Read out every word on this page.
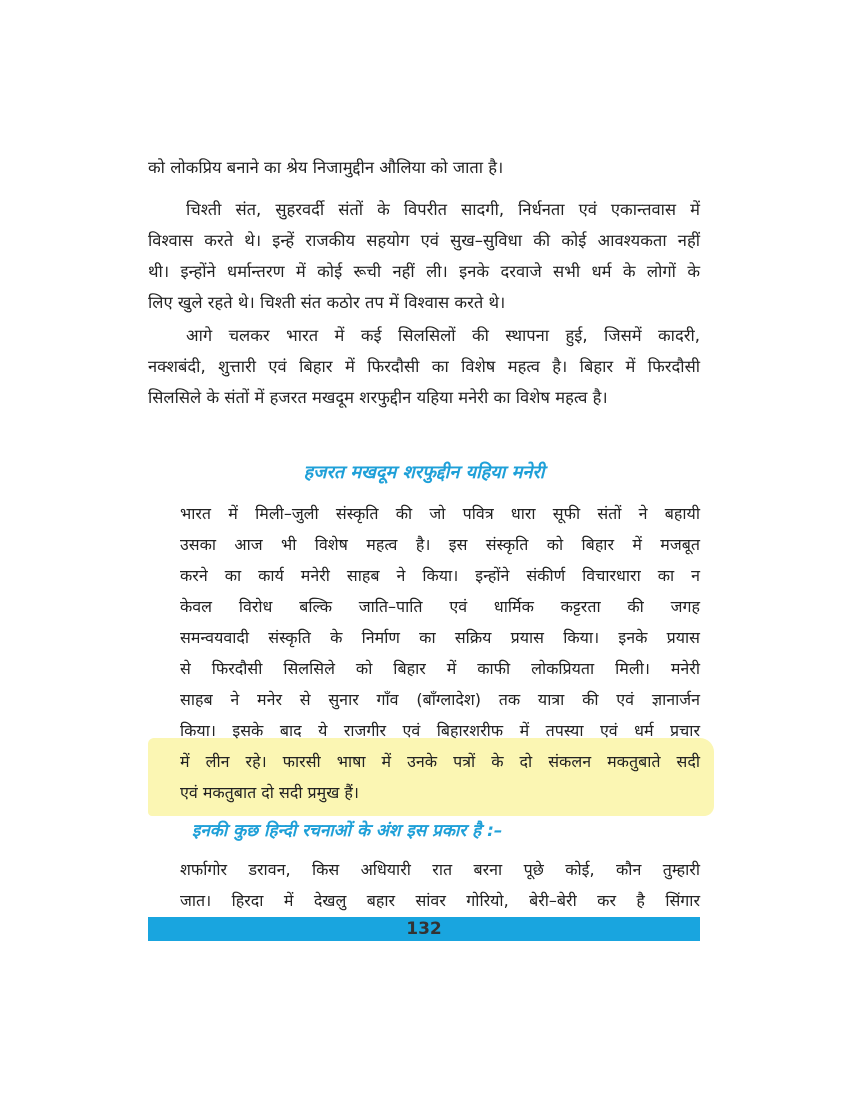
को लोकप्रिय बनाने का श्रेय निजामुद्दीन औलिया को जाता है।

चिश्ती संत, सुहरवर्दी संतों के विपरीत सादगी, निर्धनता एवं एकान्तवास में
विश्वास करते थे। इन्हें राजकीय सहयोग एवं सुख–सुविधा की कोई आवश्यकता नहीं
थी। इन्होंने धर्मान्तरण में कोई रूची नहीं ली। इनके दरवाजे सभी धर्म के लोगों के
लिए खुले रहते थे। चिश्ती संत कठोर तप में विश्वास करते थे।

आगे चलकर भारत में कई सिलसिलों की स्थापना हुई, जिसमें कादरी,
नक्शबंदी, शुत्तारी एवं बिहार में फिरदौसी का विशेष महत्व है। बिहार में फिरदौसी
सिलसिले के संतों में हजरत मखदूम शरफुद्दीन यहिया मनेरी का विशेष महत्व है।

हजरत मखदूम शरफुद्दीन यहिया मनेरी

भारत में मिली–जुली संस्कृति की जो पवित्र धारा सूफी संतों ने बहायी
उसका आज भी विशेष महत्व है। इस संस्कृति को बिहार में मजबूत
करने का कार्य मनेरी साहब ने किया। इन्होंने संकीर्ण विचारधारा का न
केवल विरोध बल्कि जाति–पाति एवं धार्मिक कट्टरता की जगह
समन्वयवादी संस्कृति के निर्माण का सक्रिय प्रयास किया। इनके प्रयास
से फिरदौसी सिलसिले को बिहार में काफी लोकप्रियता मिली। मनेरी
साहब ने मनेर से सुनार गाँव (बाँग्लादेश) तक यात्रा की एवं ज्ञानार्जन
किया। इसके बाद ये राजगीर एवं बिहारशरीफ में तपस्या एवं धर्म प्रचार
में लीन रहे। फारसी भाषा में उनके पत्रों के दो संकलन मकतुबाते सदी
एवं मकतुबात दो सदी प्रमुख हैं।

इनकी कुछ हिन्दी रचनाओं के अंश इस प्रकार है :–

शर्फागोर डरावन, किस अधियारी रात बरना पूछे कोई, कौन तुम्हारी
जात। हिरदा में देखलु बहार सांवर गोरियो, बेरी–बेरी कर है सिंगार

132
